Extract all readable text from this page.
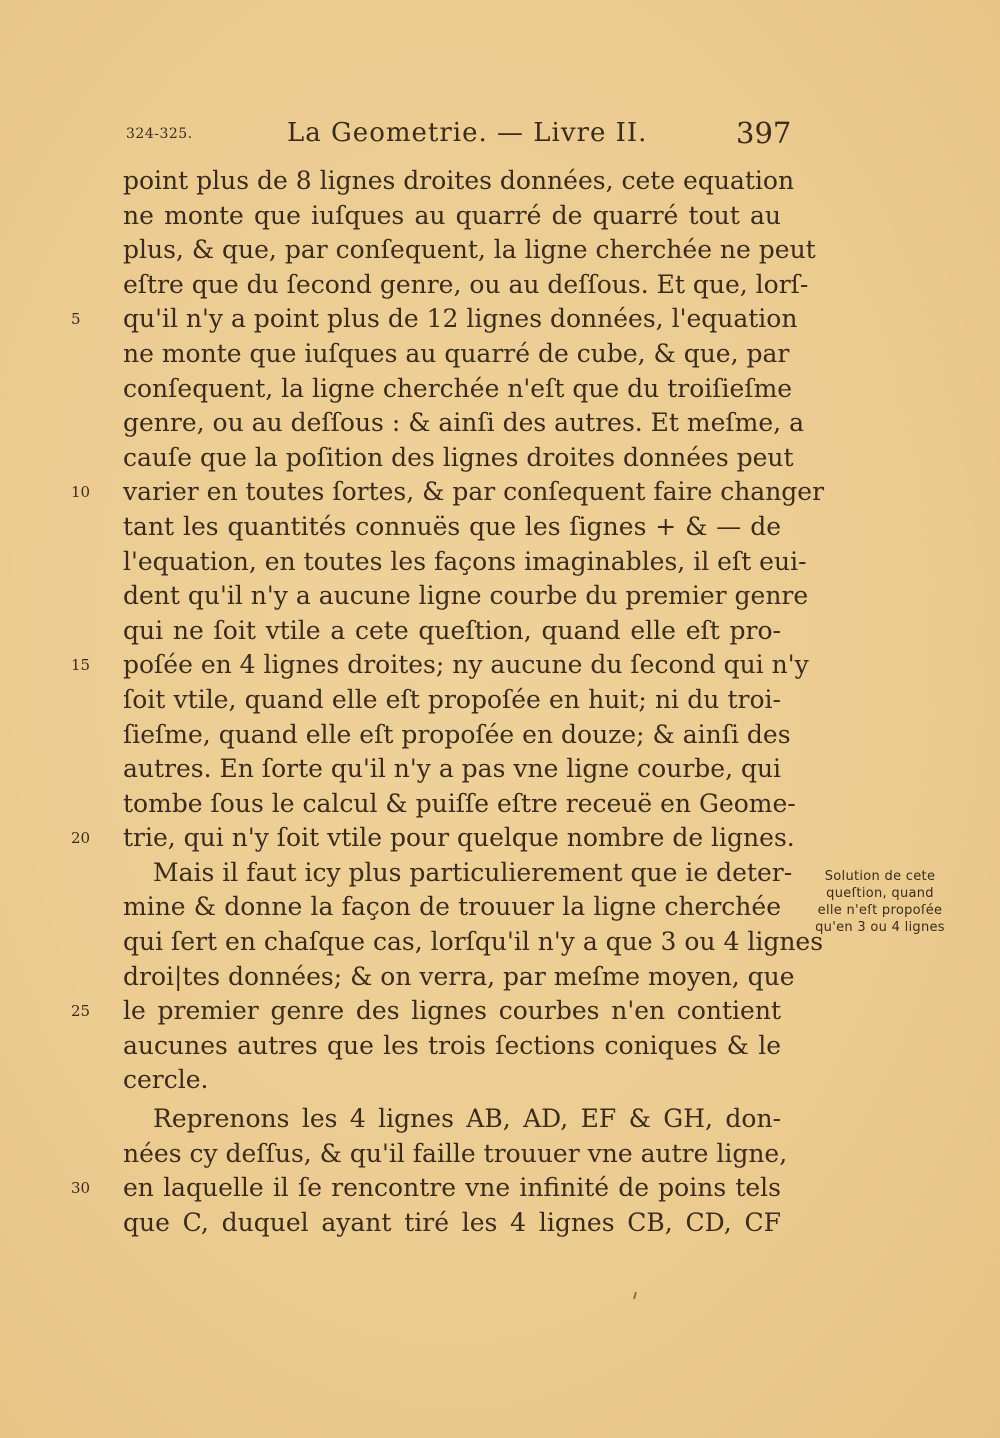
324-325.	La Geometrie. — Livre II.	397
point plus de 8 lignes droites données, cete equation
ne monte que iuſques au quarré de quarré tout au
plus, & que, par conſequent, la ligne cherchée ne peut
eſtre que du ſecond genre, ou au deſſous. Et que, lorſ-
qu'il n'y a point plus de 12 lignes données, l'equation
5
ne monte que iuſques au quarré de cube, & que, par
conſequent, la ligne cherchée n'eſt que du troiſieſme
genre, ou au deſſous : & ainſi des autres. Et meſme, a
cauſe que la poſition des lignes droites données peut
varier en toutes ſortes, & par conſequent faire changer
10
tant les quantités connuës que les ſignes + & — de
l'equation, en toutes les façons imaginables, il eſt eui-
dent qu'il n'y a aucune ligne courbe du premier genre
qui ne ſoit vtile a cete queſtion, quand elle eſt pro-
poſée en 4 lignes droites; ny aucune du ſecond qui n'y
15
ſoit vtile, quand elle eſt propoſée en huit; ni du troi-
ſieſme, quand elle eſt propoſée en douze; & ainſi des
autres. En ſorte qu'il n'y a pas vne ligne courbe, qui
tombe ſous le calcul & puiſſe eſtre receuë en Geome-
trie, qui n'y ſoit vtile pour quelque nombre de lignes.
20
Mais il faut icy plus particulierement que ie deter-
mine & donne la façon de trouuer la ligne cherchée
qui ſert en chaſque cas, lorſqu'il n'y a que 3 ou 4 lignes
droi|tes données; & on verra, par meſme moyen, que
le premier genre des lignes courbes n'en contient
25
aucunes autres que les trois ſections coniques & le
cercle.
Reprenons les 4 lignes AB, AD, EF & GH, don-
nées cy deſſus, & qu'il faille trouuer vne autre ligne,
en laquelle il ſe rencontre vne infinité de poins tels
30
que C, duquel ayant tiré les 4 lignes CB, CD, CF
Solution de cete
queſtion, quand
elle n'eſt propoſée
qu'en 3 ou 4 lignes
